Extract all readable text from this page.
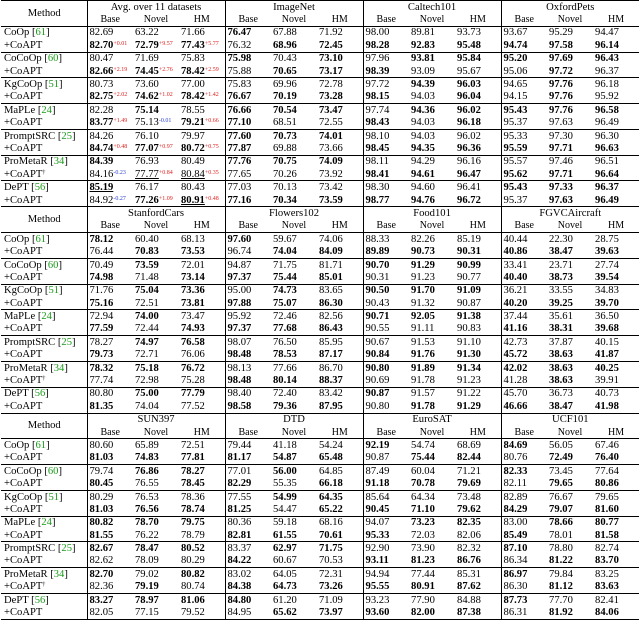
Method	Avg. over 11 datasets			ImageNet			Caltech101			OxfordPets		
	Base	Novel	HM	Base	Novel	HM	Base	Novel	HM	Base	Novel	HM
CoOp [61]	82.69	63.22	71.66	76.47	67.88	71.92	98.00	89.81	93.73	93.67	95.29	94.47
+CoAPT	$82.70^{+0.01}$	$72.79^{+9.57}$	$77.43^{+5.77}$	76.32	68.96	72.45	98.28	92.83	95.48	94.74	97.58	96.14
CoCoOp [60]	80.47	71.69	75.83	75.98	70.43	73.10	97.96	93.81	95.84	95.20	97.69	96.43
+CoAPT	$82.66^{+2.19}$	$74.45^{+2.76}$	$78.42^{+2.59}$	75.88	70.65	73.17	98.39	93.09	95.67	95.06	97.72	96.37
KgCoOp [51]	80.73	73.60	77.00	75.83	69.96	72.78	97.72	94.39	96.03	94.65	97.76	96.18
+CoAPT	$82.75^{+2.02}$	$74.62^{+1.02}$	$78.42^{+1.42}$	76.67	70.19	73.28	98.15	94.03	96.04	94.15	97.76	95.92
MaPLe [24]	82.28	75.14	78.55	76.66	70.54	73.47	97.74	94.36	96.02	95.43	97.76	96.58
+CoAPT	$83.77^{+1.49}$	$75.13^{-0.01}$	$79.21^{+0.66}$	77.10	68.51	72.55	98.43	94.03	96.18	95.37	97.63	96.49
PromptSRC [25]	84.26	76.10	79.97	77.60	70.73	74.01	98.10	94.03	96.02	95.33	97.30	96.30
+CoAPT	$84.74^{+0.48}$	$77.07^{+0.97}$	$80.72^{+0.75}$	77.87	69.88	73.66	98.45	94.35	96.36	95.59	97.71	96.63
ProMetaR [34]	84.39	76.93	80.49	77.76	70.75	74.09	98.11	94.29	96.16	95.57	97.46	96.51
+CoAPT†	$84.16^{-0.23}$	$77.77^{+0.84}$	$80.84^{+0.35}$	77.65	70.26	73.92	98.41	94.61	96.47	95.62	97.71	96.64
DePT [56]	85.19	76.17	80.43	77.03	70.13	73.42	98.30	94.60	96.41	95.43	97.33	96.37
+CoAPT	$84.92^{-0.27}$	$77.26^{+1.09}$	$80.91^{+0.48}$	77.16	70.34	73.59	98.77	94.76	96.72	95.37	97.63	96.49
Method	StanfordCars			Flowers102			Food101			FGVCAircraft		
	Base	Novel	HM	Base	Novel	HM	Base	Novel	HM	Base	Novel	HM
CoOp [61]	78.12	60.40	68.13	97.60	59.67	74.06	88.33	82.26	85.19	40.44	22.30	28.75
+CoAPT	76.44	70.83	73.53	96.74	74.04	84.09	89.89	90.73	90.31	40.86	38.47	39.63
CoCoOp [60]	70.49	73.59	72.01	94.87	71.75	81.71	90.70	91.29	90.99	33.41	23.71	27.74
+CoAPT	74.98	71.48	73.14	97.37	75.44	85.01	90.31	91.23	90.77	40.40	38.73	39.54
KgCoOp [51]	71.76	75.04	73.36	95.00	74.73	83.65	90.50	91.70	91.09	36.21	33.55	34.83
+CoAPT	75.16	72.51	73.81	97.88	75.07	86.30	90.43	91.32	90.87	40.20	39.25	39.70
MaPLe [24]	72.94	74.00	73.47	95.92	72.46	82.56	90.71	92.05	91.38	37.44	35.61	36.50
+CoAPT	77.59	72.44	74.93	97.37	77.68	86.43	90.55	91.11	90.83	41.16	38.31	39.68
PromptSRC [25]	78.27	74.97	76.58	98.07	76.50	85.95	90.67	91.53	91.10	42.73	37.87	40.15
+CoAPT	79.73	72.71	76.06	98.48	78.53	87.17	90.84	91.76	91.30	45.72	38.63	41.87
ProMetaR [34]	78.32	75.18	76.72	98.13	77.66	86.70	90.80	91.89	91.34	42.02	38.63	40.25
+CoAPT†	77.74	72.98	75.28	98.48	80.14	88.37	90.69	91.78	91.23	41.28	38.63	39.91
DePT [56]	80.80	75.00	77.79	98.40	72.40	83.42	90.87	91.57	91.22	45.70	36.73	40.73
+CoAPT	81.35	74.04	77.52	98.58	79.36	87.95	90.80	91.78	91.29	46.66	38.47	41.98
Method	SUN397			DTD			EuroSAT			UCF101		
	Base	Novel	HM	Base	Novel	HM	Base	Novel	HM	Base	Novel	HM
CoOp [61]	80.60	65.89	72.51	79.44	41.18	54.24	92.19	54.74	68.69	84.69	56.05	67.46
+CoAPT	81.03	74.83	77.81	81.17	54.87	65.48	90.87	75.44	82.44	80.76	72.49	76.40
CoCoOp [60]	79.74	76.86	78.27	77.01	56.00	64.85	87.49	60.04	71.21	82.33	73.45	77.64
+CoAPT	80.45	76.55	78.45	82.29	55.35	66.18	91.18	70.78	79.69	82.11	79.65	80.86
KgCoOp [51]	80.29	76.53	78.36	77.55	54.99	64.35	85.64	64.34	73.48	82.89	76.67	79.65
+CoAPT	81.03	76.56	78.74	81.25	54.47	65.22	90.45	71.10	79.62	84.29	79.07	81.60
MaPLe [24]	80.82	78.70	79.75	80.36	59.18	68.16	94.07	73.23	82.35	83.00	78.66	80.77
+CoAPT	81.55	76.22	78.79	82.81	61.55	70.61	95.33	72.03	82.06	85.49	78.01	81.58
PromptSRC [25]	82.67	78.47	80.52	83.37	62.97	71.75	92.90	73.90	82.32	87.10	78.80	82.74
+CoAPT	82.62	78.09	80.29	84.22	60.67	70.53	93.11	81.23	86.76	86.34	81.22	83.70
ProMetaR [34]	82.70	79.02	80.82	83.02	64.05	72.31	94.94	77.44	85.31	86.97	79.84	83.25
+CoAPT†	82.36	79.19	80.74	84.38	64.73	73.26	95.55	80.91	87.62	86.30	81.12	83.63
DePT [56]	83.27	78.97	81.06	84.80	61.20	71.09	93.23	77.90	84.88	87.73	77.70	82.41
+CoAPT	82.05	77.15	79.52	84.95	65.62	73.97	93.60	82.00	87.38	86.31	81.92	84.06
